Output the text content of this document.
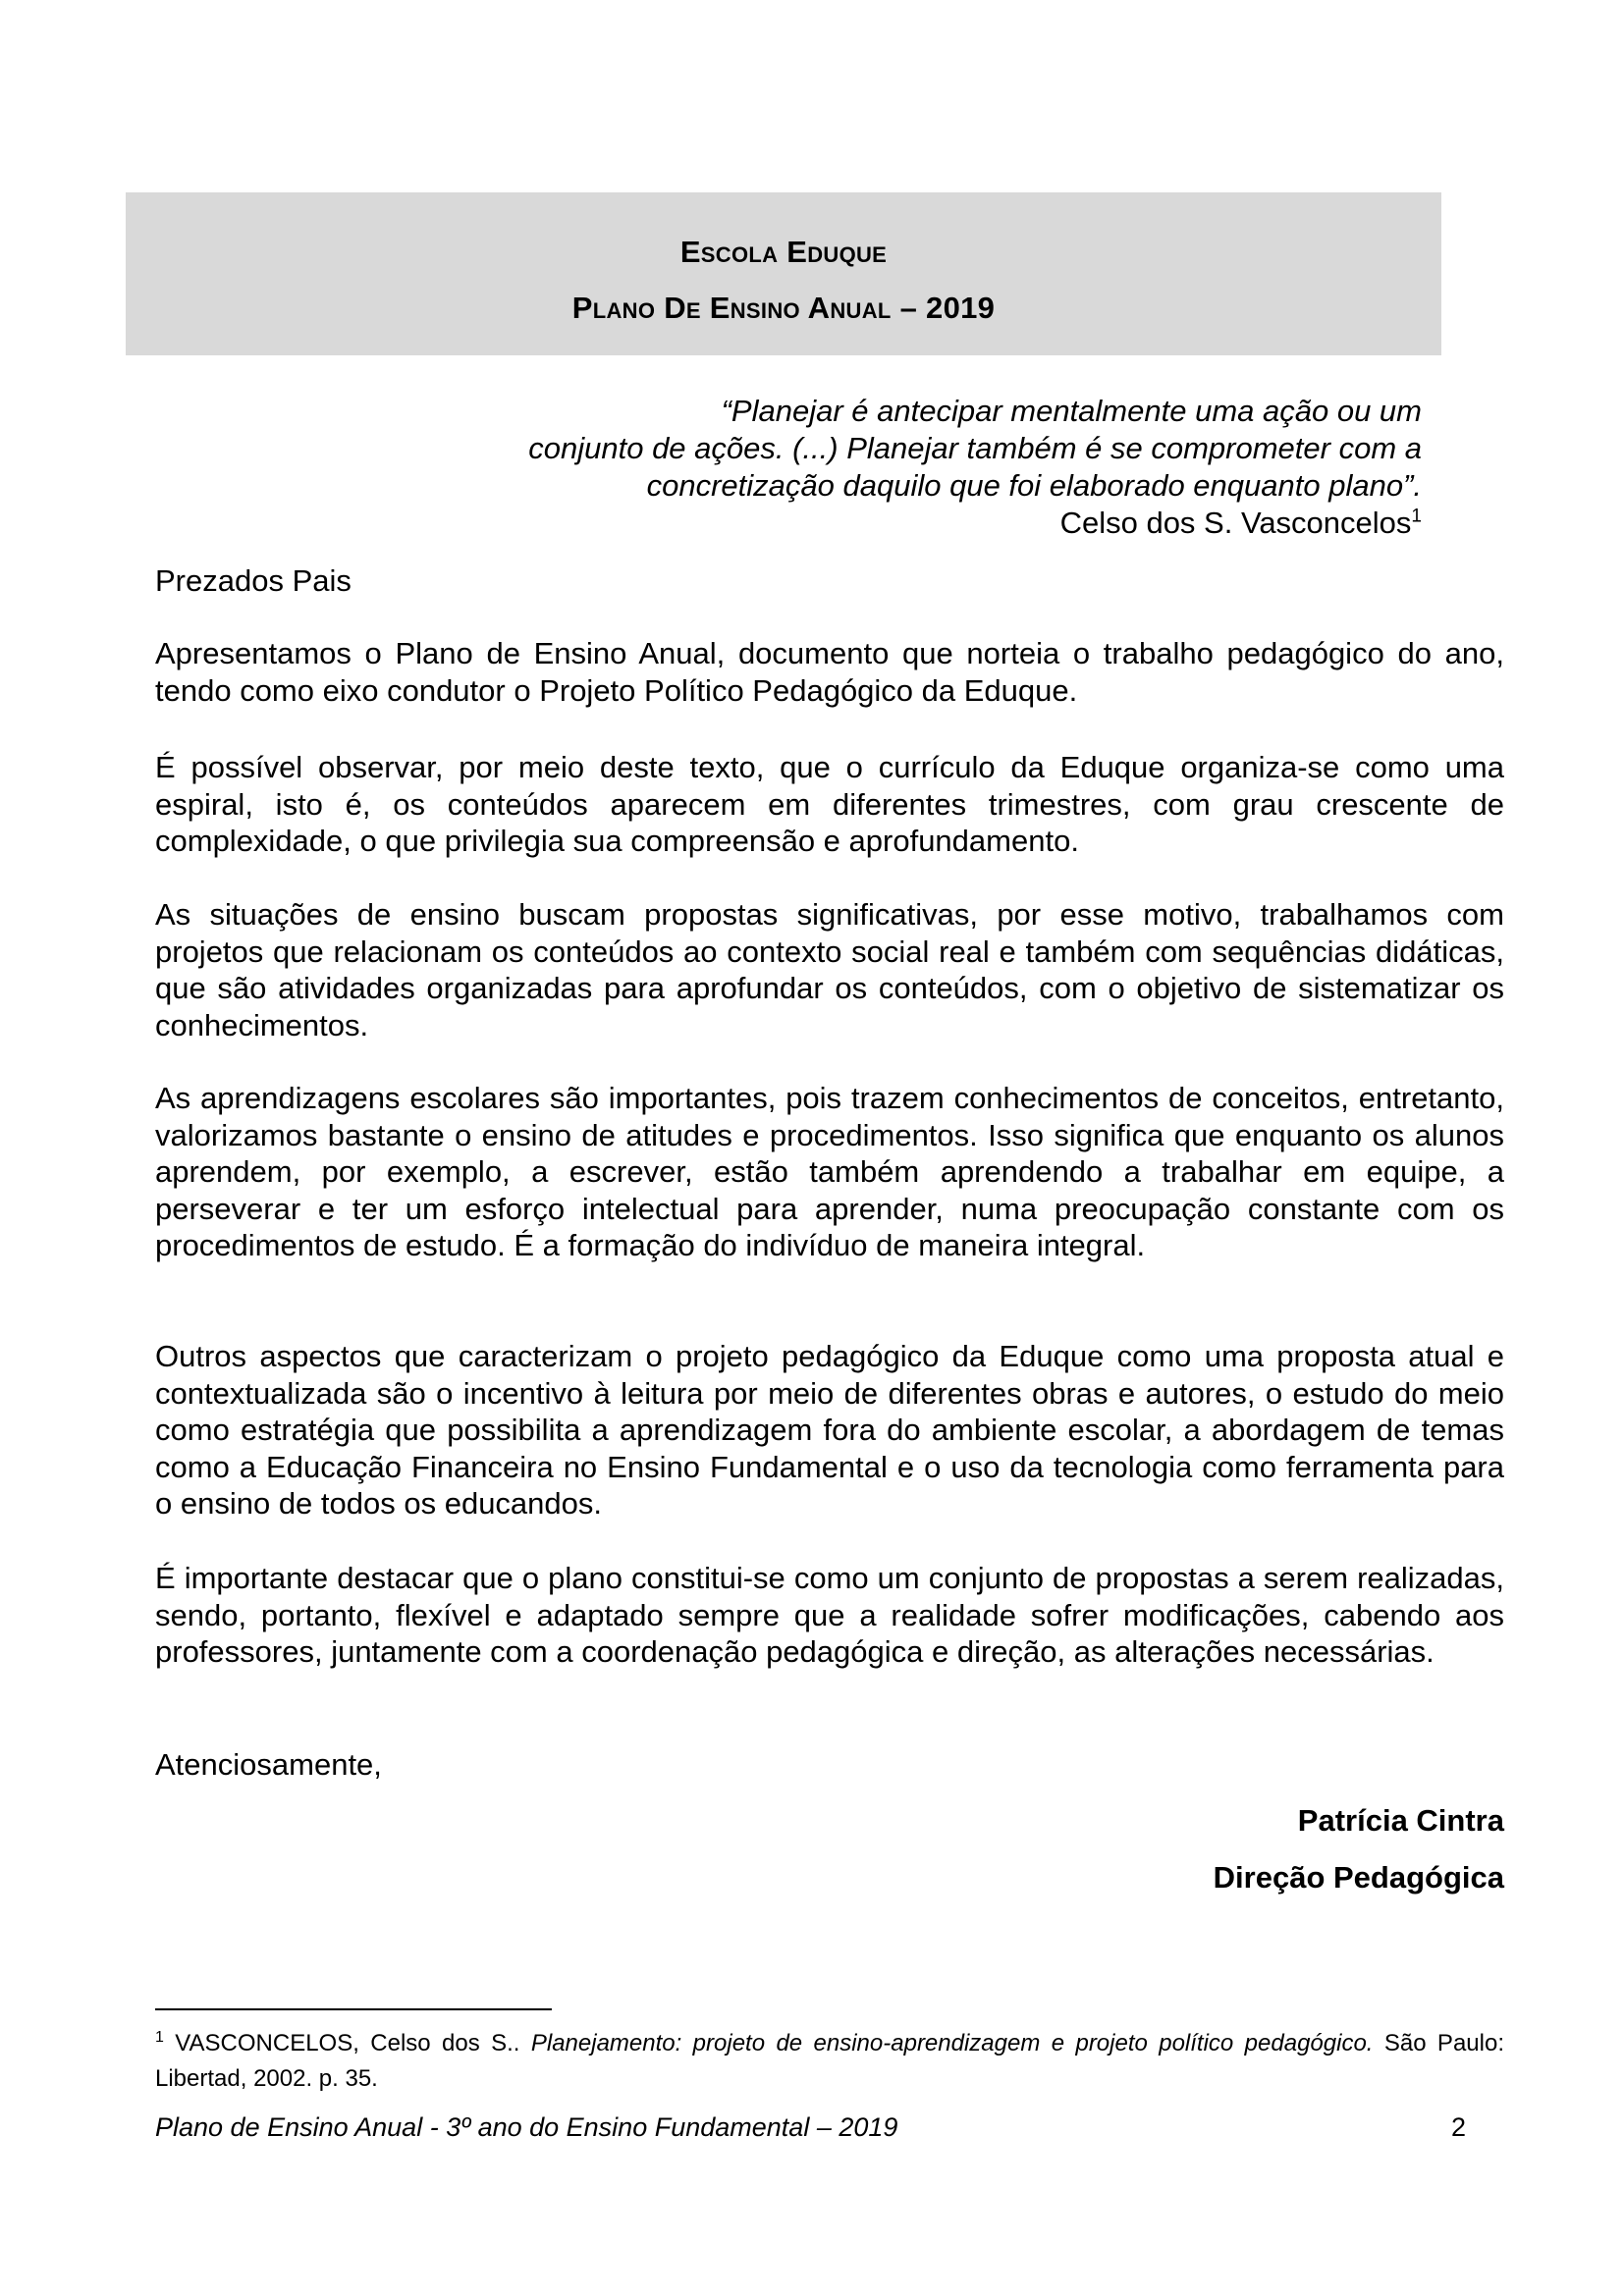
Escola Eduque
Plano De Ensino Anual – 2019
“Planejar é antecipar mentalmente uma ação ou um
conjunto de ações. (...) Planejar também é se comprometer com a
concretização daquilo que foi elaborado enquanto plano”.
Celso dos S. Vasconcelos$^1$
Prezados Pais

Apresentamos o Plano de Ensino Anual, documento que norteia o trabalho pedagógico do ano, tendo como eixo condutor o Projeto Político Pedagógico da Eduque.

É possível observar, por meio deste texto, que o currículo da Eduque organiza-se como uma espiral, isto é, os conteúdos aparecem em diferentes trimestres, com grau crescente de complexidade, o que privilegia sua compreensão e aprofundamento.

As situações de ensino buscam propostas significativas, por esse motivo, trabalhamos com projetos que relacionam os conteúdos ao contexto social real e também com sequências didáticas, que são atividades organizadas para aprofundar os conteúdos, com o objetivo de sistematizar os conhecimentos.

As aprendizagens escolares são importantes, pois trazem conhecimentos de conceitos, entretanto, valorizamos bastante o ensino de atitudes e procedimentos. Isso significa que enquanto os alunos aprendem, por exemplo, a escrever, estão também aprendendo a trabalhar em equipe, a perseverar e ter um esforço intelectual para aprender, numa preocupação constante com os procedimentos de estudo. É a formação do indivíduo de maneira integral.

Outros aspectos que caracterizam o projeto pedagógico da Eduque como uma proposta atual e contextualizada são o incentivo à leitura por meio de diferentes obras e autores, o estudo do meio como estratégia que possibilita a aprendizagem fora do ambiente escolar, a abordagem de temas como a Educação Financeira no Ensino Fundamental e o uso da tecnologia como ferramenta para o ensino de todos os educandos.

É importante destacar que o plano constitui-se como um conjunto de propostas a serem realizadas, sendo, portanto, flexível e adaptado sempre que a realidade sofrer modificações, cabendo aos professores, juntamente com a coordenação pedagógica e direção, as alterações necessárias.

Atenciosamente,
Patrícia Cintra
Direção Pedagógica
$^1$ VASCONCELOS, Celso dos S.. Planejamento: projeto de ensino-aprendizagem e projeto político pedagógico. São Paulo: Libertad, 2002. p. 35.
Plano de Ensino Anual - 3º ano do Ensino Fundamental – 2019	2
